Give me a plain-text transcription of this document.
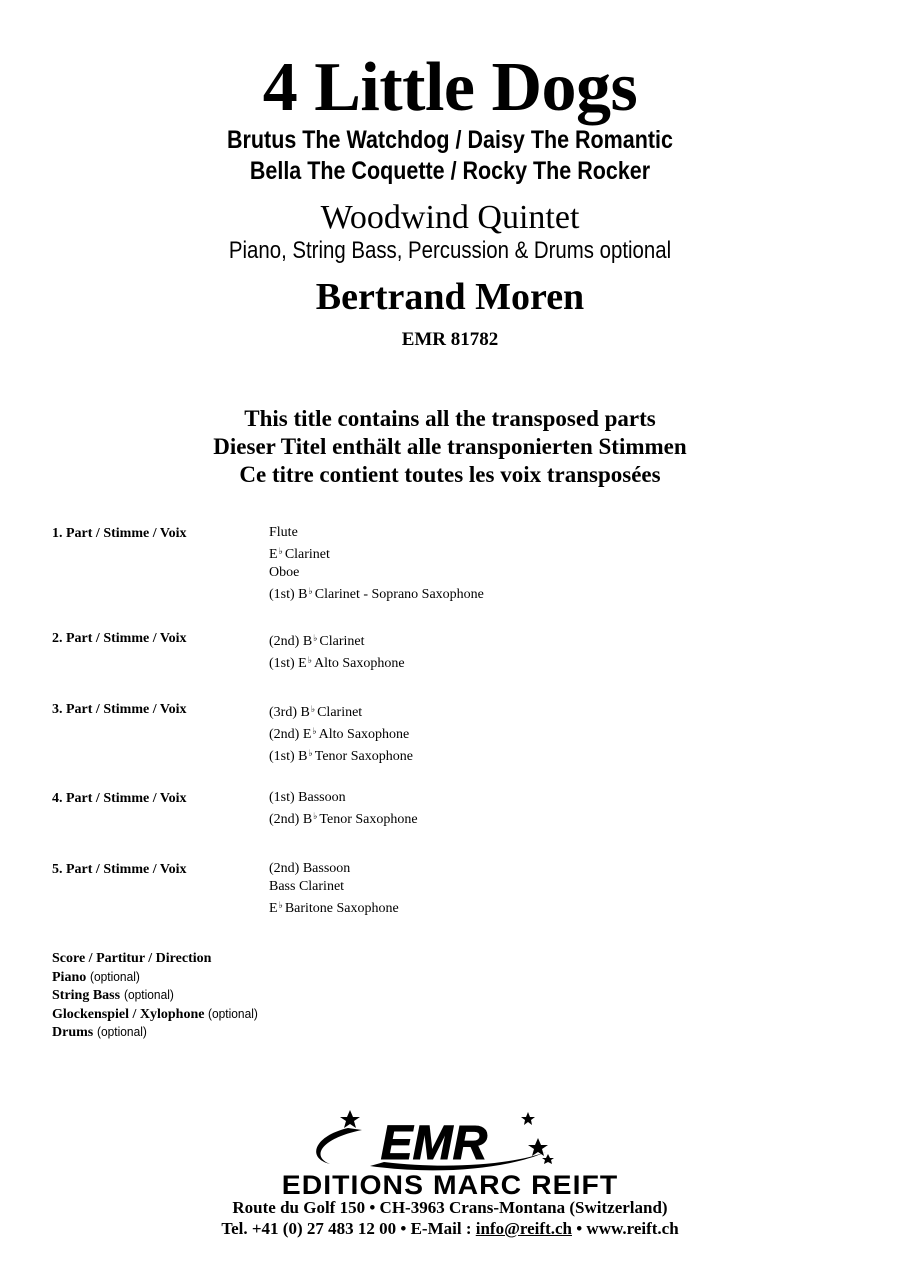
4 Little Dogs
Brutus The Watchdog / Daisy The Romantic
Bella The Coquette / Rocky The Rocker
Woodwind Quintet
Piano, String Bass, Percussion & Drums optional
Bertrand Moren
EMR 81782
This title contains all the transposed parts
Dieser Titel enthält alle transponierten Stimmen
Ce titre contient toutes les voix transposées
1. Part / Stimme / Voix	Flute
E♭ Clarinet
Oboe
(1st) B♭ Clarinet - Soprano Saxophone
2. Part / Stimme / Voix	(2nd) B♭ Clarinet
(1st) E♭ Alto Saxophone
3. Part / Stimme / Voix	(3rd) B♭ Clarinet
(2nd) E♭ Alto Saxophone
(1st) B♭ Tenor Saxophone
4. Part / Stimme / Voix	(1st) Bassoon
(2nd) B♭ Tenor Saxophone
5. Part / Stimme / Voix	(2nd) Bassoon
Bass Clarinet
E♭ Baritone Saxophone
Score / Partitur / Direction
Piano (optional)
String Bass (optional)
Glockenspiel / Xylophone (optional)
Drums (optional)
EMR
EDITIONS MARC REIFT
Route du Golf 150 • CH-3963 Crans-Montana (Switzerland)
Tel. +41 (0) 27 483 12 00 • E-Mail : info@reift.ch • www.reift.ch
